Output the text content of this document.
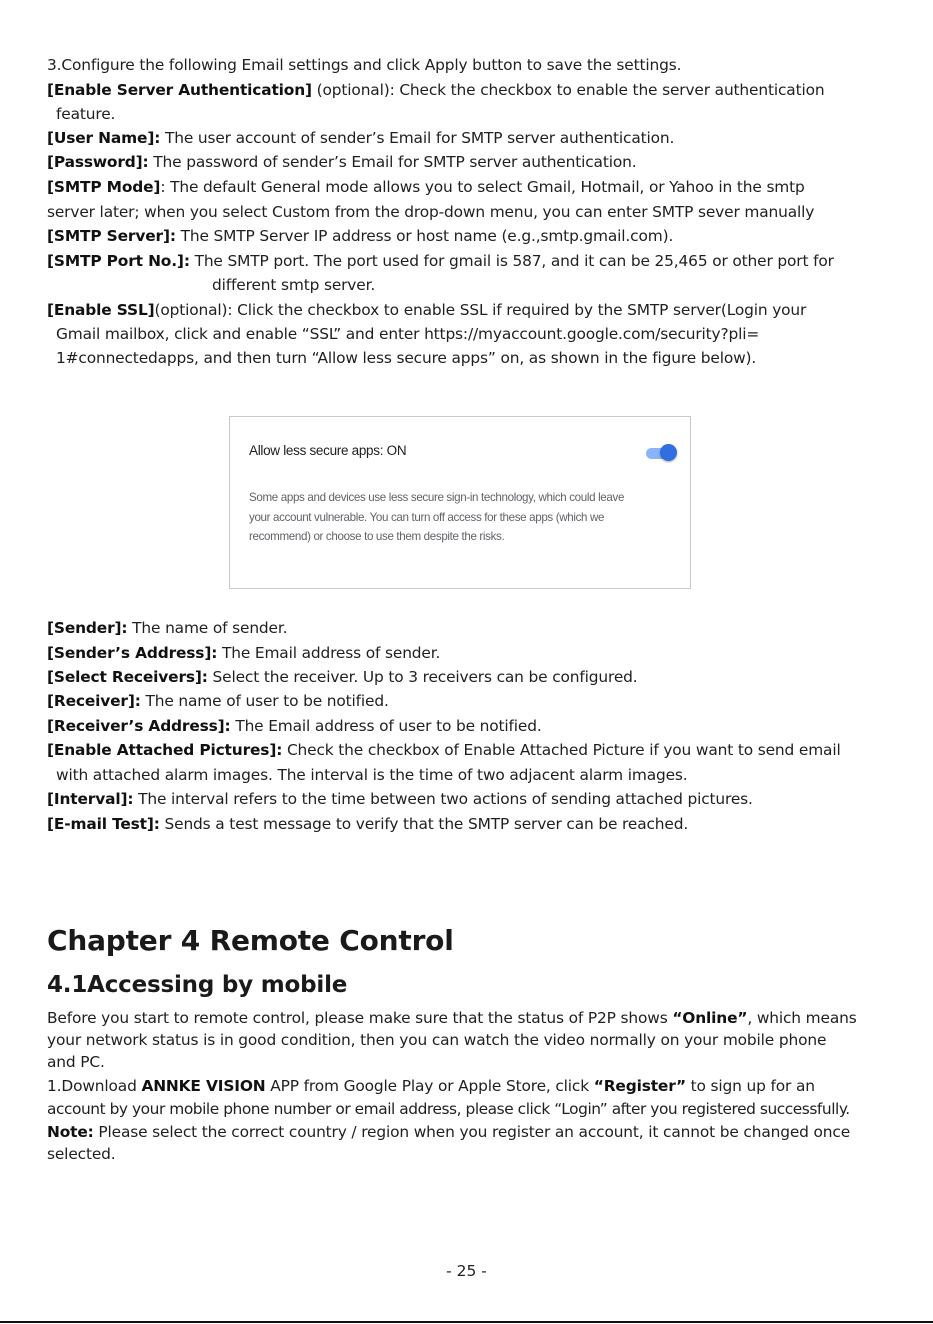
3.Configure the following Email settings and click Apply button to save the settings.
[Enable Server Authentication] (optional): Check the checkbox to enable the server authentication
feature.
[User Name]: The user account of sender’s Email for SMTP server authentication.
[Password]: The password of sender’s Email for SMTP server authentication.
[SMTP Mode]: The default General mode allows you to select Gmail, Hotmail, or Yahoo in the smtp
server later; when you select Custom from the drop-down menu, you can enter SMTP sever manually
[SMTP Server]: The SMTP Server IP address or host name (e.g.,smtp.gmail.com).
[SMTP Port No.]: The SMTP port. The port used for gmail is 587, and it can be 25,465 or other port for
different smtp server.
[Enable SSL](optional): Click the checkbox to enable SSL if required by the SMTP server(Login your
Gmail mailbox, click and enable “SSL” and enter https://myaccount.google.com/security?pli=
1#connectedapps, and then turn “Allow less secure apps” on, as shown in the figure below).
Allow less secure apps: ON
Some apps and devices use less secure sign-in technology, which could leave
your account vulnerable. You can turn off access for these apps (which we
recommend) or choose to use them despite the risks.
[Sender]: The name of sender.
[Sender’s Address]: The Email address of sender.
[Select Receivers]: Select the receiver. Up to 3 receivers can be configured.
[Receiver]: The name of user to be notified.
[Receiver’s Address]: The Email address of user to be notified.
[Enable Attached Pictures]: Check the checkbox of Enable Attached Picture if you want to send email
with attached alarm images. The interval is the time of two adjacent alarm images.
[Interval]: The interval refers to the time between two actions of sending attached pictures.
[E-mail Test]: Sends a test message to verify that the SMTP server can be reached.
Chapter 4 Remote Control
4.1Accessing by mobile
Before you start to remote control, please make sure that the status of P2P shows “Online”, which means
your network status is in good condition, then you can watch the video normally on your mobile phone
and PC.
1.Download ANNKE VISION APP from Google Play or Apple Store, click “Register” to sign up for an
account by your mobile phone number or email address, please click “Login” after you registered successfully.
Note: Please select the correct country / region when you register an account, it cannot be changed once
selected.
- 25 -
